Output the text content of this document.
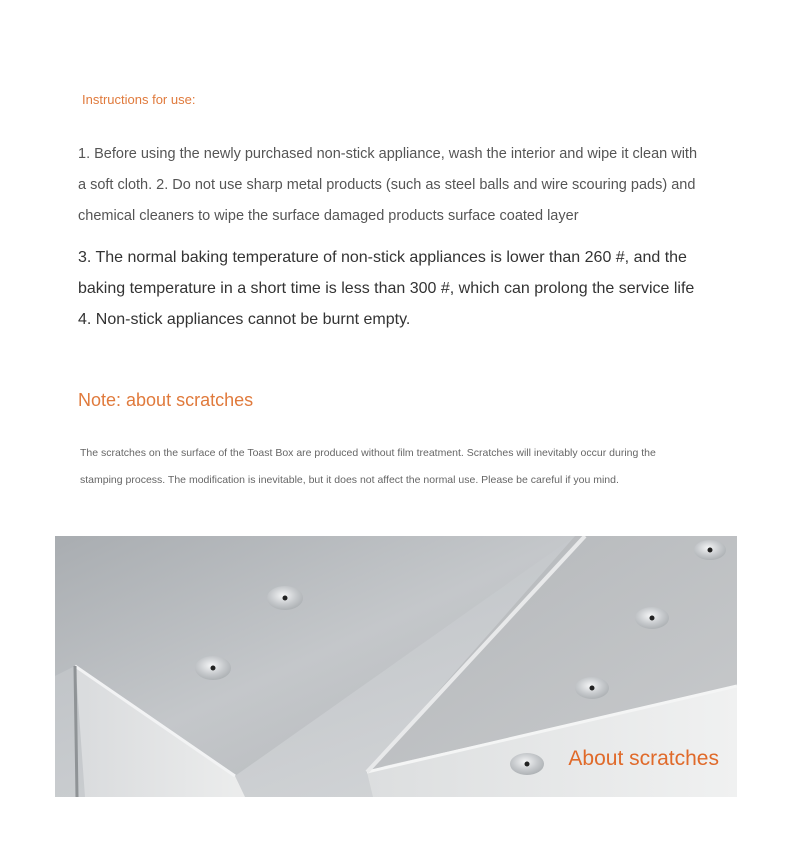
Instructions for use:

1. Before using the newly purchased non-stick appliance, wash the interior and wipe it clean with
a soft cloth. 2. Do not use sharp metal products (such as steel balls and wire scouring pads) and
chemical cleaners to wipe the surface damaged products surface coated layer

3. The normal baking temperature of non-stick appliances is lower than 260 #, and the
baking temperature in a short time is less than 300 #, which can prolong the service life
4. Non-stick appliances cannot be burnt empty.

Note: about scratches

The scratches on the surface of the Toast Box are produced without film treatment. Scratches will inevitably occur during the
stamping process. The modification is inevitable, but it does not affect the normal use. Please be careful if you mind.

About scratches
